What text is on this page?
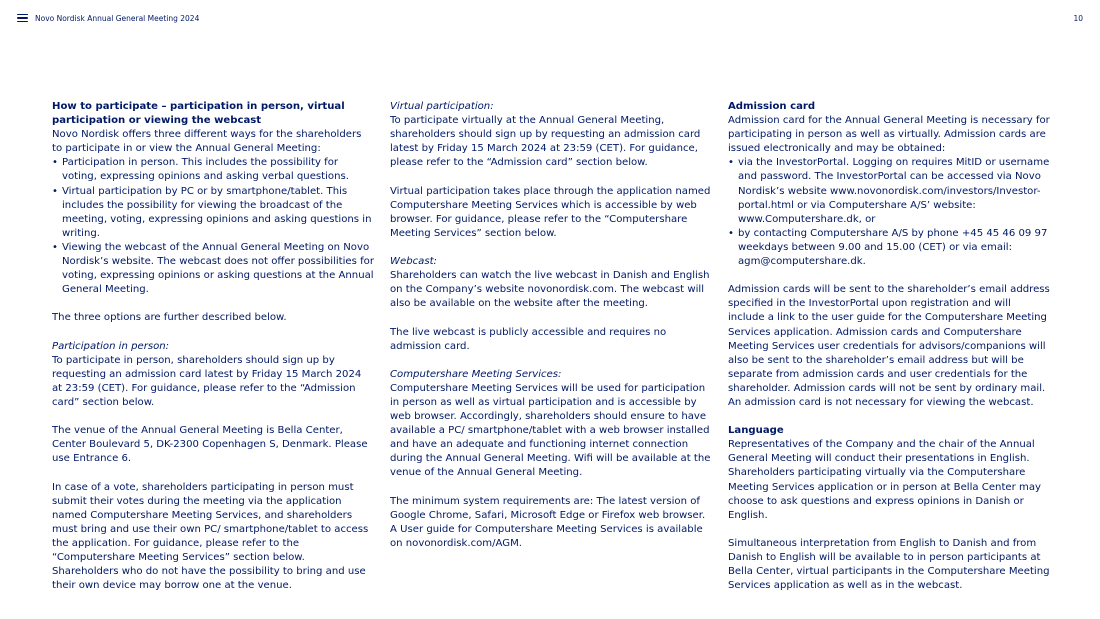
Novo Nordisk Annual General Meeting 2024	10

How to participate – participation in person, virtual participation or viewing the webcast

Novo Nordisk offers three different ways for the shareholders to participate in or view the Annual General Meeting:

• Participation in person. This includes the possibility for voting, expressing opinions and asking verbal questions.
• Virtual participation by PC or by smartphone/tablet. This includes the possibility for viewing the broadcast of the meeting, voting, expressing opinions and asking questions in writing.
• Viewing the webcast of the Annual General Meeting on Novo Nordisk’s website. The webcast does not offer possibilities for voting, expressing opinions or asking questions at the Annual General Meeting.

The three options are further described below.

Participation in person:

To participate in person, shareholders should sign up by requesting an admission card latest by Friday 15 March 2024 at 23:59 (CET). For guidance, please refer to the “Admission card” section below.

The venue of the Annual General Meeting is Bella Center, Center Boulevard 5, DK-2300 Copenhagen S, Denmark. Please use Entrance 6.

In case of a vote, shareholders participating in person must submit their votes during the meeting via the application named Computershare Meeting Services, and shareholders must bring and use their own PC/ smartphone/tablet to access the application. For guidance, please refer to the “Computershare Meeting Services” section below. Shareholders who do not have the possibility to bring and use their own device may borrow one at the venue.

Virtual participation:

To participate virtually at the Annual General Meeting, shareholders should sign up by requesting an admission card latest by Friday 15 March 2024 at 23:59 (CET). For guidance, please refer to the “Admission card” section below.

Virtual participation takes place through the application named Computershare Meeting Services which is accessible by web browser. For guidance, please refer to the “Computershare Meeting Services” section below.

Webcast:

Shareholders can watch the live webcast in Danish and English on the Company’s website novonordisk.com. The webcast will also be available on the website after the meeting.

The live webcast is publicly accessible and requires no admission card.

Computershare Meeting Services:

Computershare Meeting Services will be used for participation in person as well as virtual participation and is accessible by web browser. Accordingly, shareholders should ensure to have available a PC/ smartphone/tablet with a web browser installed and have an adequate and functioning internet connection during the Annual General Meeting. Wifi will be available at the venue of the Annual General Meeting.

The minimum system requirements are: The latest version of Google Chrome, Safari, Microsoft Edge or Firefox web browser. A User guide for Computershare Meeting Services is available on novonordisk.com/AGM.

Admission card

Admission card for the Annual General Meeting is necessary for participating in person as well as virtually. Admission cards are issued electronically and may be obtained:

• via the InvestorPortal. Logging on requires MitID or username and password. The InvestorPortal can be accessed via Novo Nordisk’s website www.novonordisk.com/investors/Investor-portal.html or via Computershare A/S’ website: www.Computershare.dk, or
• by contacting Computershare A/S by phone +45 45 46 09 97 weekdays between 9.00 and 15.00 (CET) or via email: agm@computershare.dk.

Admission cards will be sent to the shareholder’s email address specified in the InvestorPortal upon registration and will include a link to the user guide for the Computershare Meeting Services application. Admission cards and Computershare Meeting Services user credentials for advisors/companions will also be sent to the shareholder’s email address but will be separate from admission cards and user credentials for the shareholder. Admission cards will not be sent by ordinary mail. An admission card is not necessary for viewing the webcast.

Language

Representatives of the Company and the chair of the Annual General Meeting will conduct their presentations in English. Shareholders participating virtually via the Computershare Meeting Services application or in person at Bella Center may choose to ask questions and express opinions in Danish or English.

Simultaneous interpretation from English to Danish and from Danish to English will be available to in person participants at Bella Center, virtual participants in the Computershare Meeting Services application as well as in the webcast.
